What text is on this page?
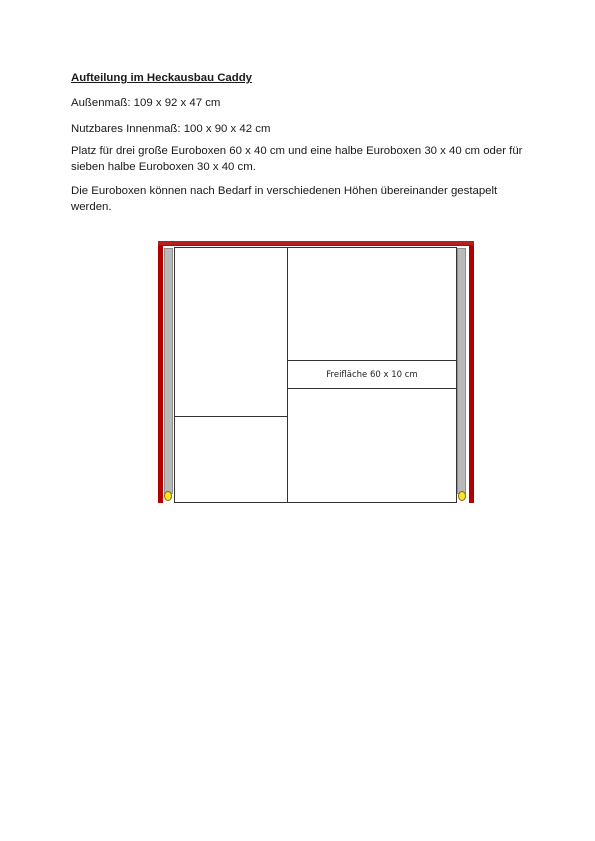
Aufteilung im Heckausbau Caddy
Außenmaß: 109 x 92 x 47 cm
Nutzbares Innenmaß: 100 x 90 x 42 cm
Platz für drei große Euroboxen 60 x 40 cm und eine halbe Euroboxen 30 x 40 cm oder für sieben halbe Euroboxen 30 x 40 cm.
Die Euroboxen können nach Bedarf in verschiedenen Höhen übereinander gestapelt werden.
Freifläche 60 x 10 cm
